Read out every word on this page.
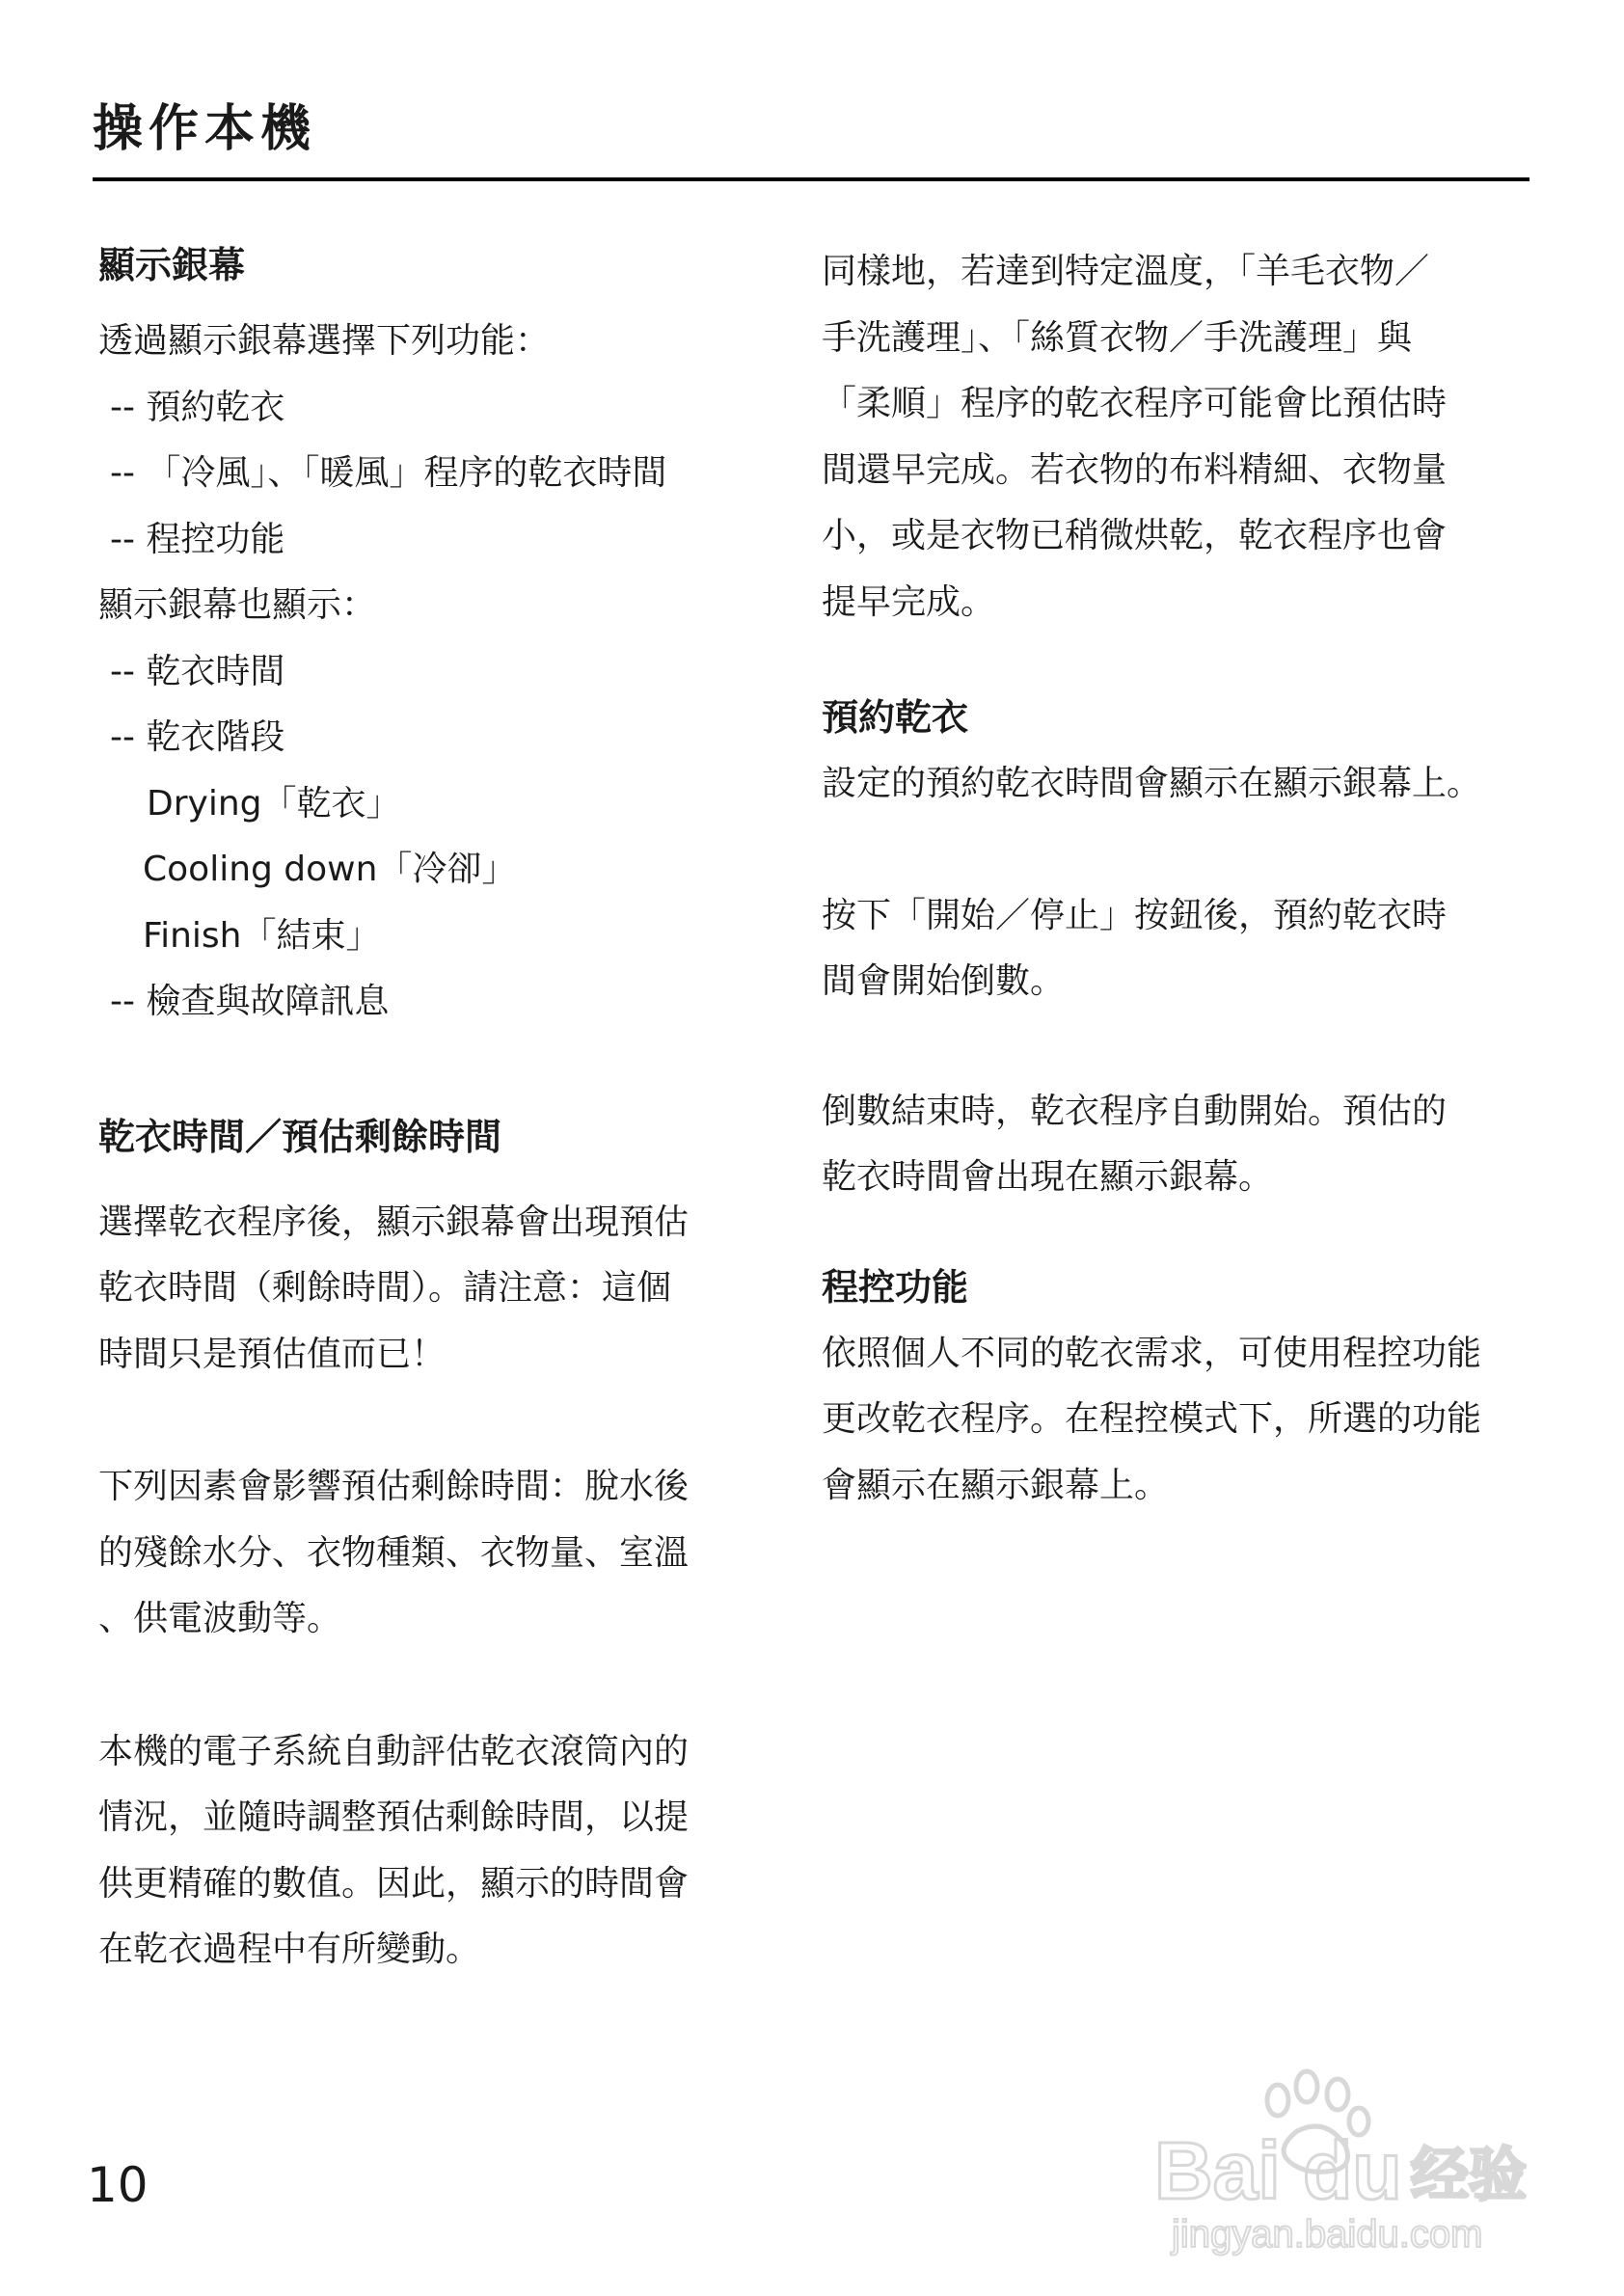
操作本機
顯示銀幕

透過顯示銀幕選擇下列功能：

-- 預約乾衣
-- 「冷風」、「暖風」程序的乾衣時間
-- 程控功能

顯示銀幕也顯示：

-- 乾衣時間
-- 乾衣階段
Drying「乾衣」
Cooling down「冷卻」
Finish「結束」
-- 檢查與故障訊息
乾衣時間／預估剩餘時間

選擇乾衣程序後，顯示銀幕會出現預估
乾衣時間（剩餘時間）。請注意：這個
時間只是預估值而已！

下列因素會影響預估剩餘時間：脫水後
的殘餘水分、衣物種類、衣物量、室溫
、供電波動等。

本機的電子系統自動評估乾衣滾筒內的
情況，並隨時調整預估剩餘時間，以提
供更精確的數值。因此，顯示的時間會
在乾衣過程中有所變動。

同樣地，若達到特定溫度，「羊毛衣物／
手洗護理」、「絲質衣物／手洗護理」與
「柔順」程序的乾衣程序可能會比預估時
間還早完成。若衣物的布料精細、衣物量
小，或是衣物已稍微烘乾，乾衣程序也會
提早完成。

預約乾衣

設定的預約乾衣時間會顯示在顯示銀幕上。

按下「開始／停止」按鈕後，預約乾衣時
間會開始倒數。

倒數結束時，乾衣程序自動開始。預估的
乾衣時間會出現在顯示銀幕。

程控功能

依照個人不同的乾衣需求，可使用程控功能
更改乾衣程序。在程控模式下，所選的功能
會顯示在顯示銀幕上。

10	Bai du 经验
jingyan.baidu.com
